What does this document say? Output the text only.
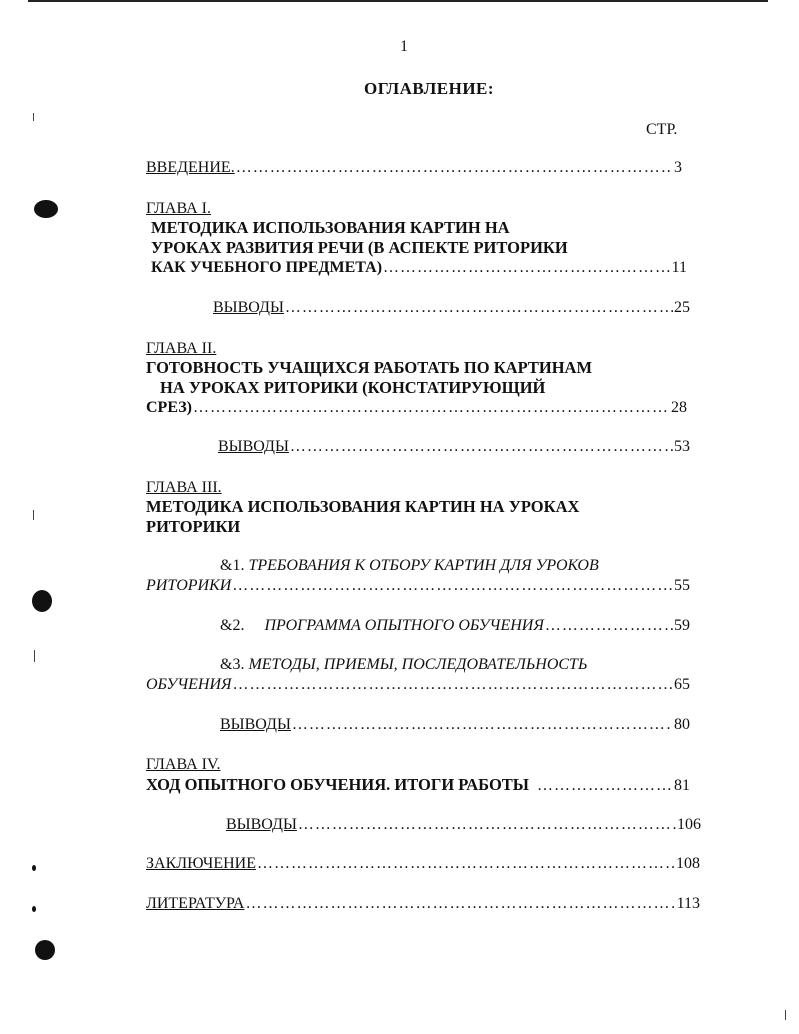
1
ОГЛАВЛЕНИЕ:
СТР.
ВВЕДЕНИЕ. ……………………………………………………………………………………………………………………………………………	3
ГЛАВА I.
МЕТОДИКА ИСПОЛЬЗОВАНИЯ КАРТИН НА
УРОКАХ РАЗВИТИЯ РЕЧИ (В АСПЕКТЕ РИТОРИКИ
КАК УЧЕБНОГО ПРЕДМЕТА) ……………………………………………………………………………………………………………………………………………	11
ВЫВОДЫ ……………………………………………………………………………………………………………………………………………	25
ГЛАВА II.
ГОТОВНОСТЬ УЧАЩИХСЯ РАБОТАТЬ ПО КАРТИНАМ
НА УРОКАХ РИТОРИКИ (КОНСТАТИРУЮЩИЙ
СРЕЗ) ……………………………………………………………………………………………………………………………………………	28
ВЫВОДЫ ……………………………………………………………………………………………………………………………………………	53
ГЛАВА III.
МЕТОДИКА ИСПОЛЬЗОВАНИЯ КАРТИН НА УРОКАХ
РИТОРИКИ
&1. ТРЕБОВАНИЯ К ОТБОРУ КАРТИН ДЛЯ УРОКОВ
РИТОРИКИ ……………………………………………………………………………………………………………………………………………	55
&2. ПРОГРАММА ОПЫТНОГО ОБУЧЕНИЯ ……………………………………………………………………………………………………………………………………………	59
&3. МЕТОДЫ, ПРИЕМЫ, ПОСЛЕДОВАТЕЛЬНОСТЬ
ОБУЧЕНИЯ ……………………………………………………………………………………………………………………………………………	65
ВЫВОДЫ ……………………………………………………………………………………………………………………………………………	80
ГЛАВА IV.
ХОД ОПЫТНОГО ОБУЧЕНИЯ. ИТОГИ РАБОТЫ ……………………………………………………………………………………………………………………………………………	81
ВЫВОДЫ ……………………………………………………………………………………………………………………………………………	106
ЗАКЛЮЧЕНИЕ ……………………………………………………………………………………………………………………………………………	108
ЛИТЕРАТУРА ……………………………………………………………………………………………………………………………………………	113
